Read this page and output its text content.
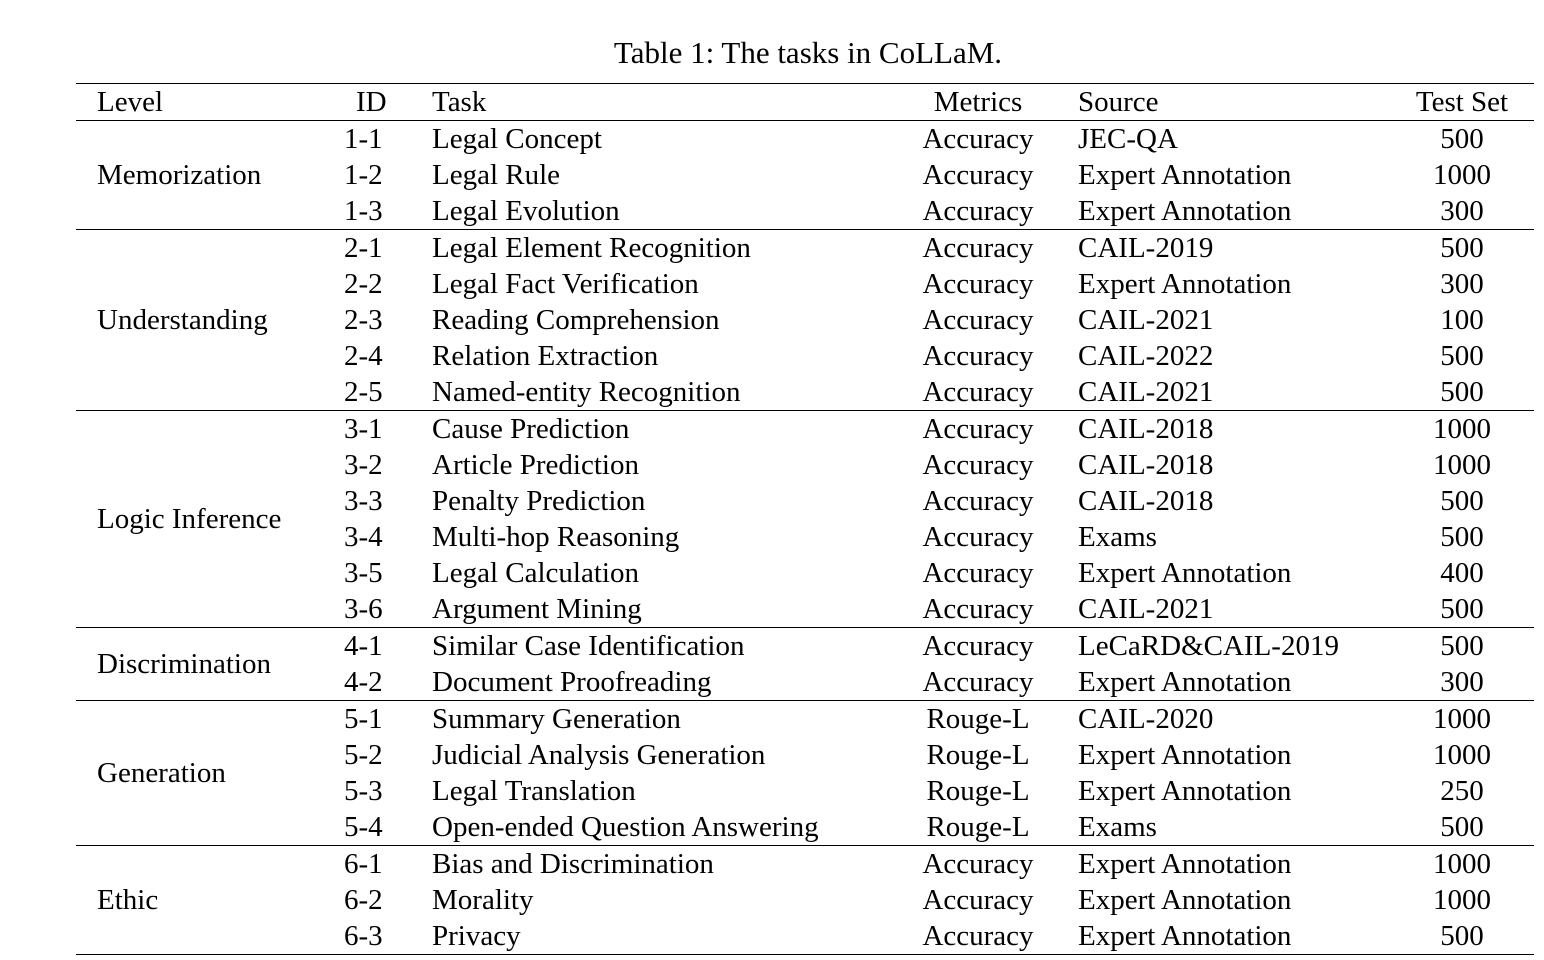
Table 1: The tasks in CoLLaM.
Level	ID	Task	Metrics	Source	Test Set
Memorization	1-1	Legal Concept	Accuracy	JEC-QA	500
	1-2	Legal Rule	Accuracy	Expert Annotation	1000
	1-3	Legal Evolution	Accuracy	Expert Annotation	300
Understanding	2-1	Legal Element Recognition	Accuracy	CAIL-2019	500
	2-2	Legal Fact Verification	Accuracy	Expert Annotation	300
	2-3	Reading Comprehension	Accuracy	CAIL-2021	100
	2-4	Relation Extraction	Accuracy	CAIL-2022	500
	2-5	Named-entity Recognition	Accuracy	CAIL-2021	500
Logic Inference	3-1	Cause Prediction	Accuracy	CAIL-2018	1000
	3-2	Article Prediction	Accuracy	CAIL-2018	1000
	3-3	Penalty Prediction	Accuracy	CAIL-2018	500
	3-4	Multi-hop Reasoning	Accuracy	Exams	500
	3-5	Legal Calculation	Accuracy	Expert Annotation	400
	3-6	Argument Mining	Accuracy	CAIL-2021	500
Discrimination	4-1	Similar Case Identification	Accuracy	LeCaRD&CAIL-2019	500
	4-2	Document Proofreading	Accuracy	Expert Annotation	300
Generation	5-1	Summary Generation	Rouge-L	CAIL-2020	1000
	5-2	Judicial Analysis Generation	Rouge-L	Expert Annotation	1000
	5-3	Legal Translation	Rouge-L	Expert Annotation	250
	5-4	Open-ended Question Answering	Rouge-L	Exams	500
Ethic	6-1	Bias and Discrimination	Accuracy	Expert Annotation	1000
	6-2	Morality	Accuracy	Expert Annotation	1000
	6-3	Privacy	Accuracy	Expert Annotation	500
